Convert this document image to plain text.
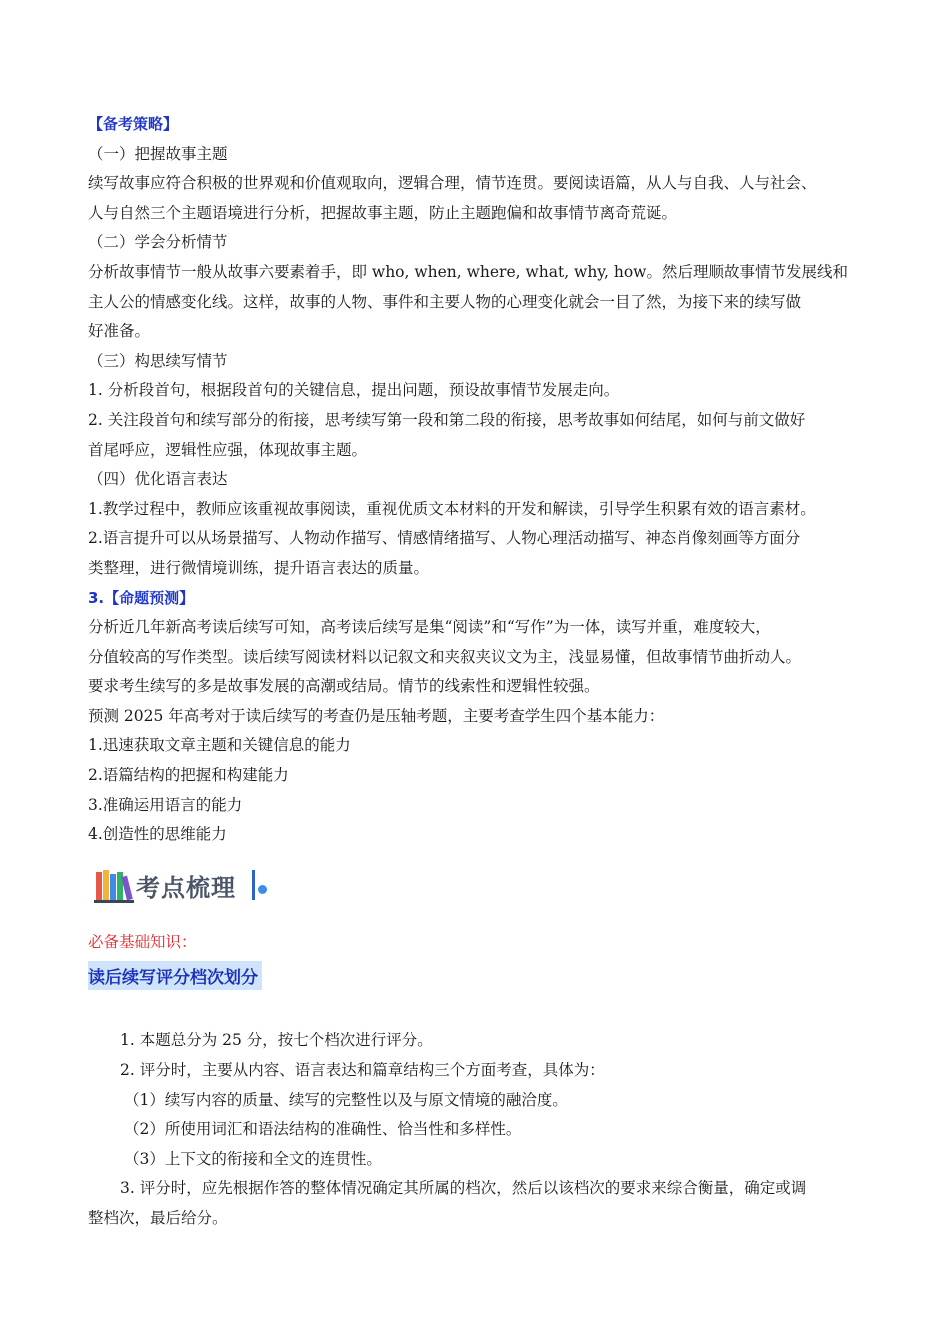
【备考策略】
（一）把握故事主题
续写故事应符合积极的世界观和价值观取向，逻辑合理，情节连贯。要阅读语篇，从人与自我、人与社会、
人与自然三个主题语境进行分析，把握故事主题，防止主题跑偏和故事情节离奇荒诞。
（二）学会分析情节
分析故事情节一般从故事六要素着手，即 who, when, where, what, why, how。然后理顺故事情节发展线和
主人公的情感变化线。这样，故事的人物、事件和主要人物的心理变化就会一目了然，为接下来的续写做
好准备。
（三）构思续写情节
1. 分析段首句，根据段首句的关键信息，提出问题，预设故事情节发展走向。
2. 关注段首句和续写部分的衔接，思考续写第一段和第二段的衔接，思考故事如何结尾，如何与前文做好
首尾呼应，逻辑性应强，体现故事主题。
（四）优化语言表达
1.教学过程中，教师应该重视故事阅读，重视优质文本材料的开发和解读，引导学生积累有效的语言素材。
2.语言提升可以从场景描写、人物动作描写、情感情绪描写、人物心理活动描写、神态肖像刻画等方面分
类整理，进行微情境训练，提升语言表达的质量。
3.【命题预测】
分析近几年新高考读后续写可知，高考读后续写是集“阅读”和“写作”为一体，读写并重，难度较大，
分值较高的写作类型。读后续写阅读材料以记叙文和夹叙夹议文为主，浅显易懂，但故事情节曲折动人。
要求考生续写的多是故事发展的高潮或结局。情节的线索性和逻辑性较强。
预测 2025 年高考对于读后续写的考查仍是压轴考题，主要考查学生四个基本能力：
1.迅速获取文章主题和关键信息的能力
2.语篇结构的把握和构建能力
3.准确运用语言的能力
4.创造性的思维能力
考点梳理
必备基础知识：
读后续写评分档次划分
1. 本题总分为 25 分，按七个档次进行评分。
2. 评分时，主要从内容、语言表达和篇章结构三个方面考查，具体为：
（1）续写内容的质量、续写的完整性以及与原文情境的融洽度。
（2）所使用词汇和语法结构的准确性、恰当性和多样性。
（3）上下文的衔接和全文的连贯性。
3. 评分时，应先根据作答的整体情况确定其所属的档次，然后以该档次的要求来综合衡量，确定或调
整档次，最后给分。
